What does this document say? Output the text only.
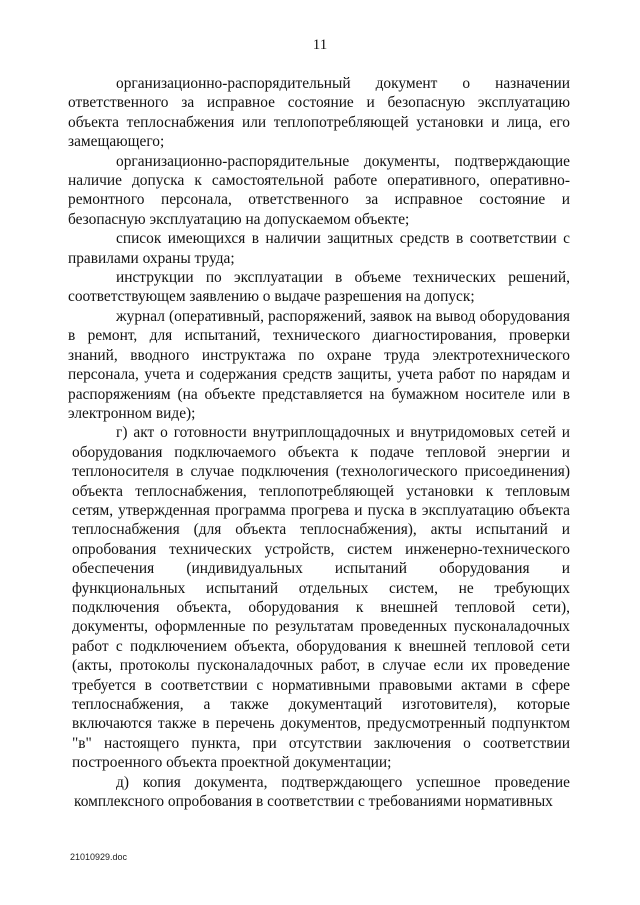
11

организационно-распорядительный документ о назначении ответственного за исправное состояние и безопасную эксплуатацию объекта теплоснабжения или теплопотребляющей установки и лица, его замещающего;

организационно-распорядительные документы, подтверждающие наличие допуска к самостоятельной работе оперативного, оперативно-ремонтного персонала, ответственного за исправное состояние и безопасную эксплуатацию на допускаемом объекте;

список имеющихся в наличии защитных средств в соответствии с правилами охраны труда;

инструкции по эксплуатации в объеме технических решений, соответствующем заявлению о выдаче разрешения на допуск;

журнал (оперативный, распоряжений, заявок на вывод оборудования в ремонт, для испытаний, технического диагностирования, проверки знаний, вводного инструктажа по охране труда электротехнического персонала, учета и содержания средств защиты, учета работ по нарядам и распоряжениям (на объекте представляется на бумажном носителе или в электронном виде);

г) акт о готовности внутриплощадочных и внутридомовых сетей и оборудования подключаемого объекта к подаче тепловой энергии и теплоносителя в случае подключения (технологического присоединения) объекта теплоснабжения, теплопотребляющей установки к тепловым сетям, утвержденная программа прогрева и пуска в эксплуатацию объекта теплоснабжения (для объекта теплоснабжения), акты испытаний и опробования технических устройств, систем инженерно-технического обеспечения (индивидуальных испытаний оборудования и функциональных испытаний отдельных систем, не требующих подключения объекта, оборудования к внешней тепловой сети), документы, оформленные по результатам проведенных пусконаладочных работ с подключением объекта, оборудования к внешней тепловой сети (акты, протоколы пусконаладочных работ, в случае если их проведение требуется в соответствии с нормативными правовыми актами в сфере теплоснабжения, а также документаций изготовителя), которые включаются также в перечень документов, предусмотренный подпунктом "в" настоящего пункта, при отсутствии заключения о соответствии построенного объекта проектной документации;

д) копия документа, подтверждающего успешное проведение комплексного опробования в соответствии с требованиями нормативных

21010929.doc
